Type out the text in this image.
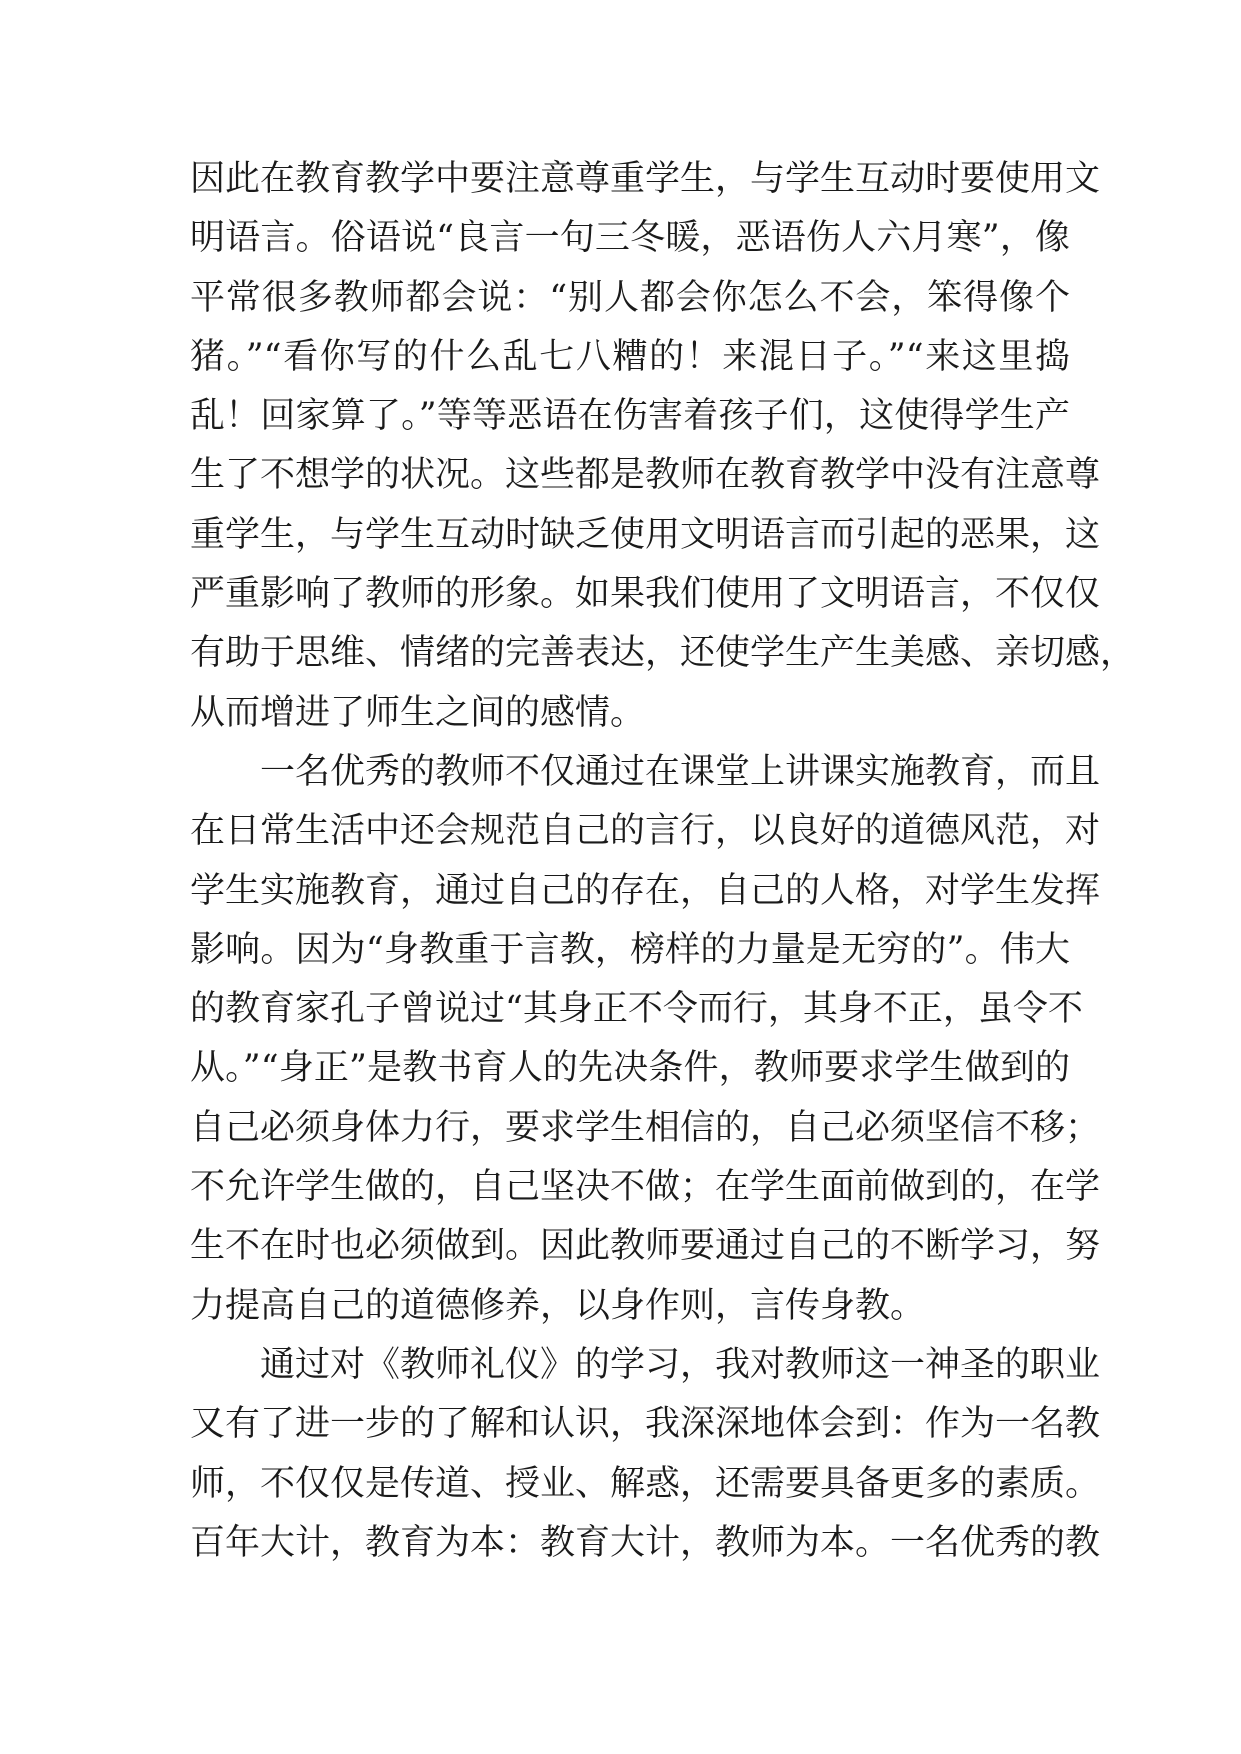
因此在教育教学中要注意尊重学生，与学生互动时要使用文
明语言。俗语说“良言一句三冬暖，恶语伤人六月寒”，像
平常很多教师都会说：“别人都会你怎么不会，笨得像个
猪。”“看你写的什么乱七八糟的！来混日子。”“来这里捣
乱！回家算了。”等等恶语在伤害着孩子们，这使得学生产
生了不想学的状况。这些都是教师在教育教学中没有注意尊
重学生，与学生互动时缺乏使用文明语言而引起的恶果，这
严重影响了教师的形象。如果我们使用了文明语言，不仅仅
有助于思维、情绪的完善表达，还使学生产生美感、亲切感，
从而增进了师生之间的感情。
一名优秀的教师不仅通过在课堂上讲课实施教育，而且
在日常生活中还会规范自己的言行，以良好的道德风范，对
学生实施教育，通过自己的存在，自己的人格，对学生发挥
影响。因为“身教重于言教，榜样的力量是无穷的”。伟大
的教育家孔子曾说过“其身正不令而行，其身不正，虽令不
从。”“身正”是教书育人的先决条件，教师要求学生做到的
自己必须身体力行，要求学生相信的，自己必须坚信不移；
不允许学生做的，自己坚决不做；在学生面前做到的，在学
生不在时也必须做到。因此教师要通过自己的不断学习，努
力提高自己的道德修养，以身作则，言传身教。
通过对《教师礼仪》的学习，我对教师这一神圣的职业
又有了进一步的了解和认识，我深深地体会到：作为一名教
师，不仅仅是传道、授业、解惑，还需要具备更多的素质。
百年大计，教育为本：教育大计，教师为本。一名优秀的教
